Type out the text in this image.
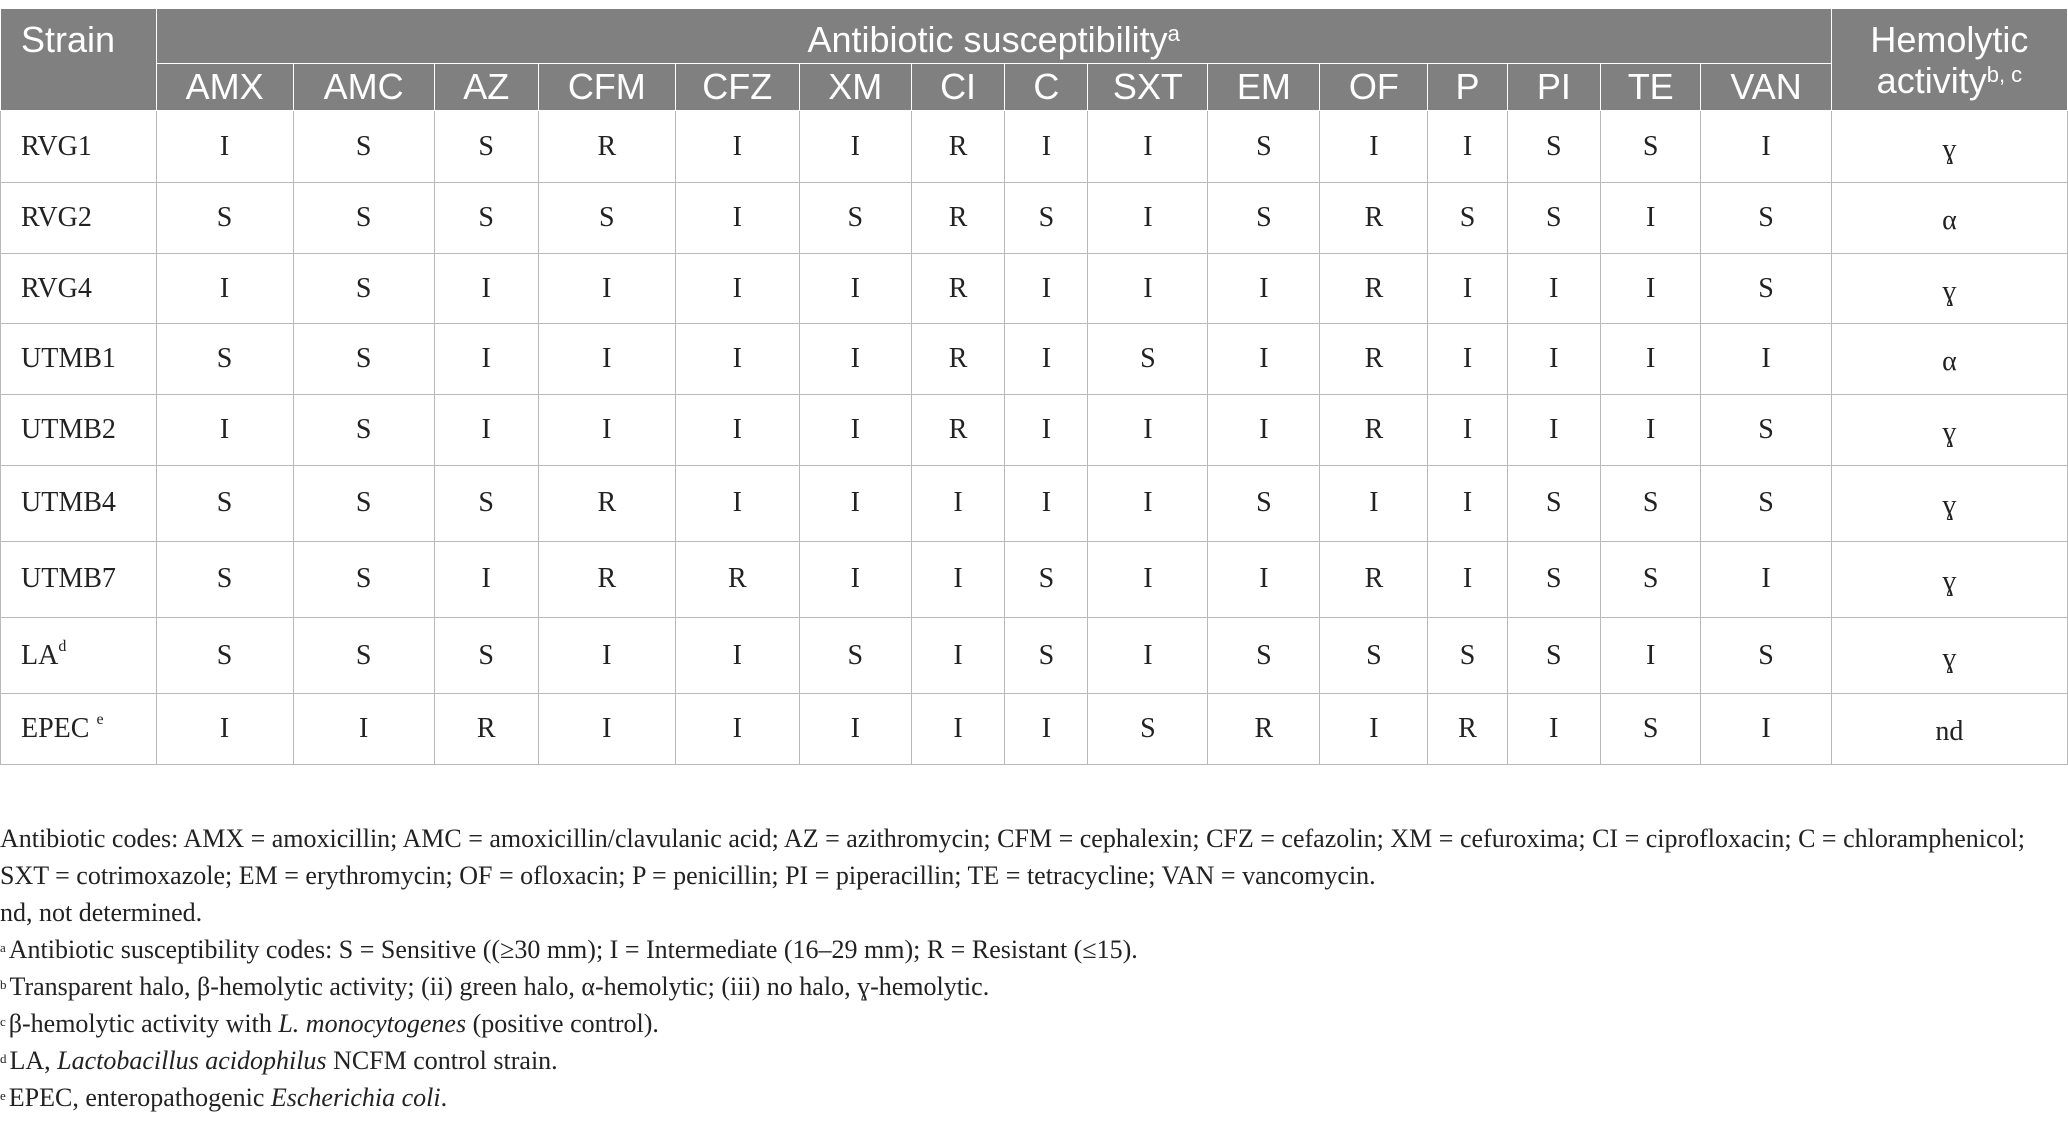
Strain	Antibiotic susceptibility$^a$															Hemolytic
activity$^{b, c}$
	AMX	AMC	AZ	CFM	CFZ	XM	CI	C	SXT	EM	OF	P	PI	TE	VAN	
RVG1	I	S	S	R	I	I	R	I	I	S	I	I	S	S	I	ɣ
RVG2	S	S	S	S	I	S	R	S	I	S	R	S	S	I	S	α
RVG4	I	S	I	I	I	I	R	I	I	I	R	I	I	I	S	ɣ
UTMB1	S	S	I	I	I	I	R	I	S	I	R	I	I	I	I	α
UTMB2	I	S	I	I	I	I	R	I	I	I	R	I	I	I	S	ɣ
UTMB4	S	S	S	R	I	I	I	I	I	S	I	I	S	S	S	ɣ
UTMB7	S	S	I	R	R	I	I	S	I	I	R	I	S	S	I	ɣ
$LA^d$	S	S	S	I	I	S	I	S	I	S	S	S	S	I	S	ɣ
EPEC $^e$	I	I	R	I	I	I	I	I	S	R	I	R	I	S	I	nd

Antibiotic codes: AMX = amoxicillin; AMC = amoxicillin/clavulanic acid; AZ = azithromycin; CFM = cephalexin; CFZ = cefazolin; XM = cefuroxima; CI = ciprofloxacin; C = chloramphenicol;
SXT = cotrimoxazole; EM = erythromycin; OF = ofloxacin; P = penicillin; PI = piperacillin; TE = tetracycline; VAN = vancomycin.

nd, not determined.

$^a$ Antibiotic susceptibility codes: S = Sensitive ((≥30 mm); I = Intermediate (16–29 mm); R = Resistant (≤15).

$^b$ Transparent halo, β-hemolytic activity; (ii) green halo, α-hemolytic; (iii) no halo, ɣ-hemolytic.

$^c$ β-hemolytic activity with L. monocytogenes (positive control).

$^d$ LA, Lactobacillus acidophilus NCFM control strain.

$^e$ EPEC, enteropathogenic Escherichia coli.
